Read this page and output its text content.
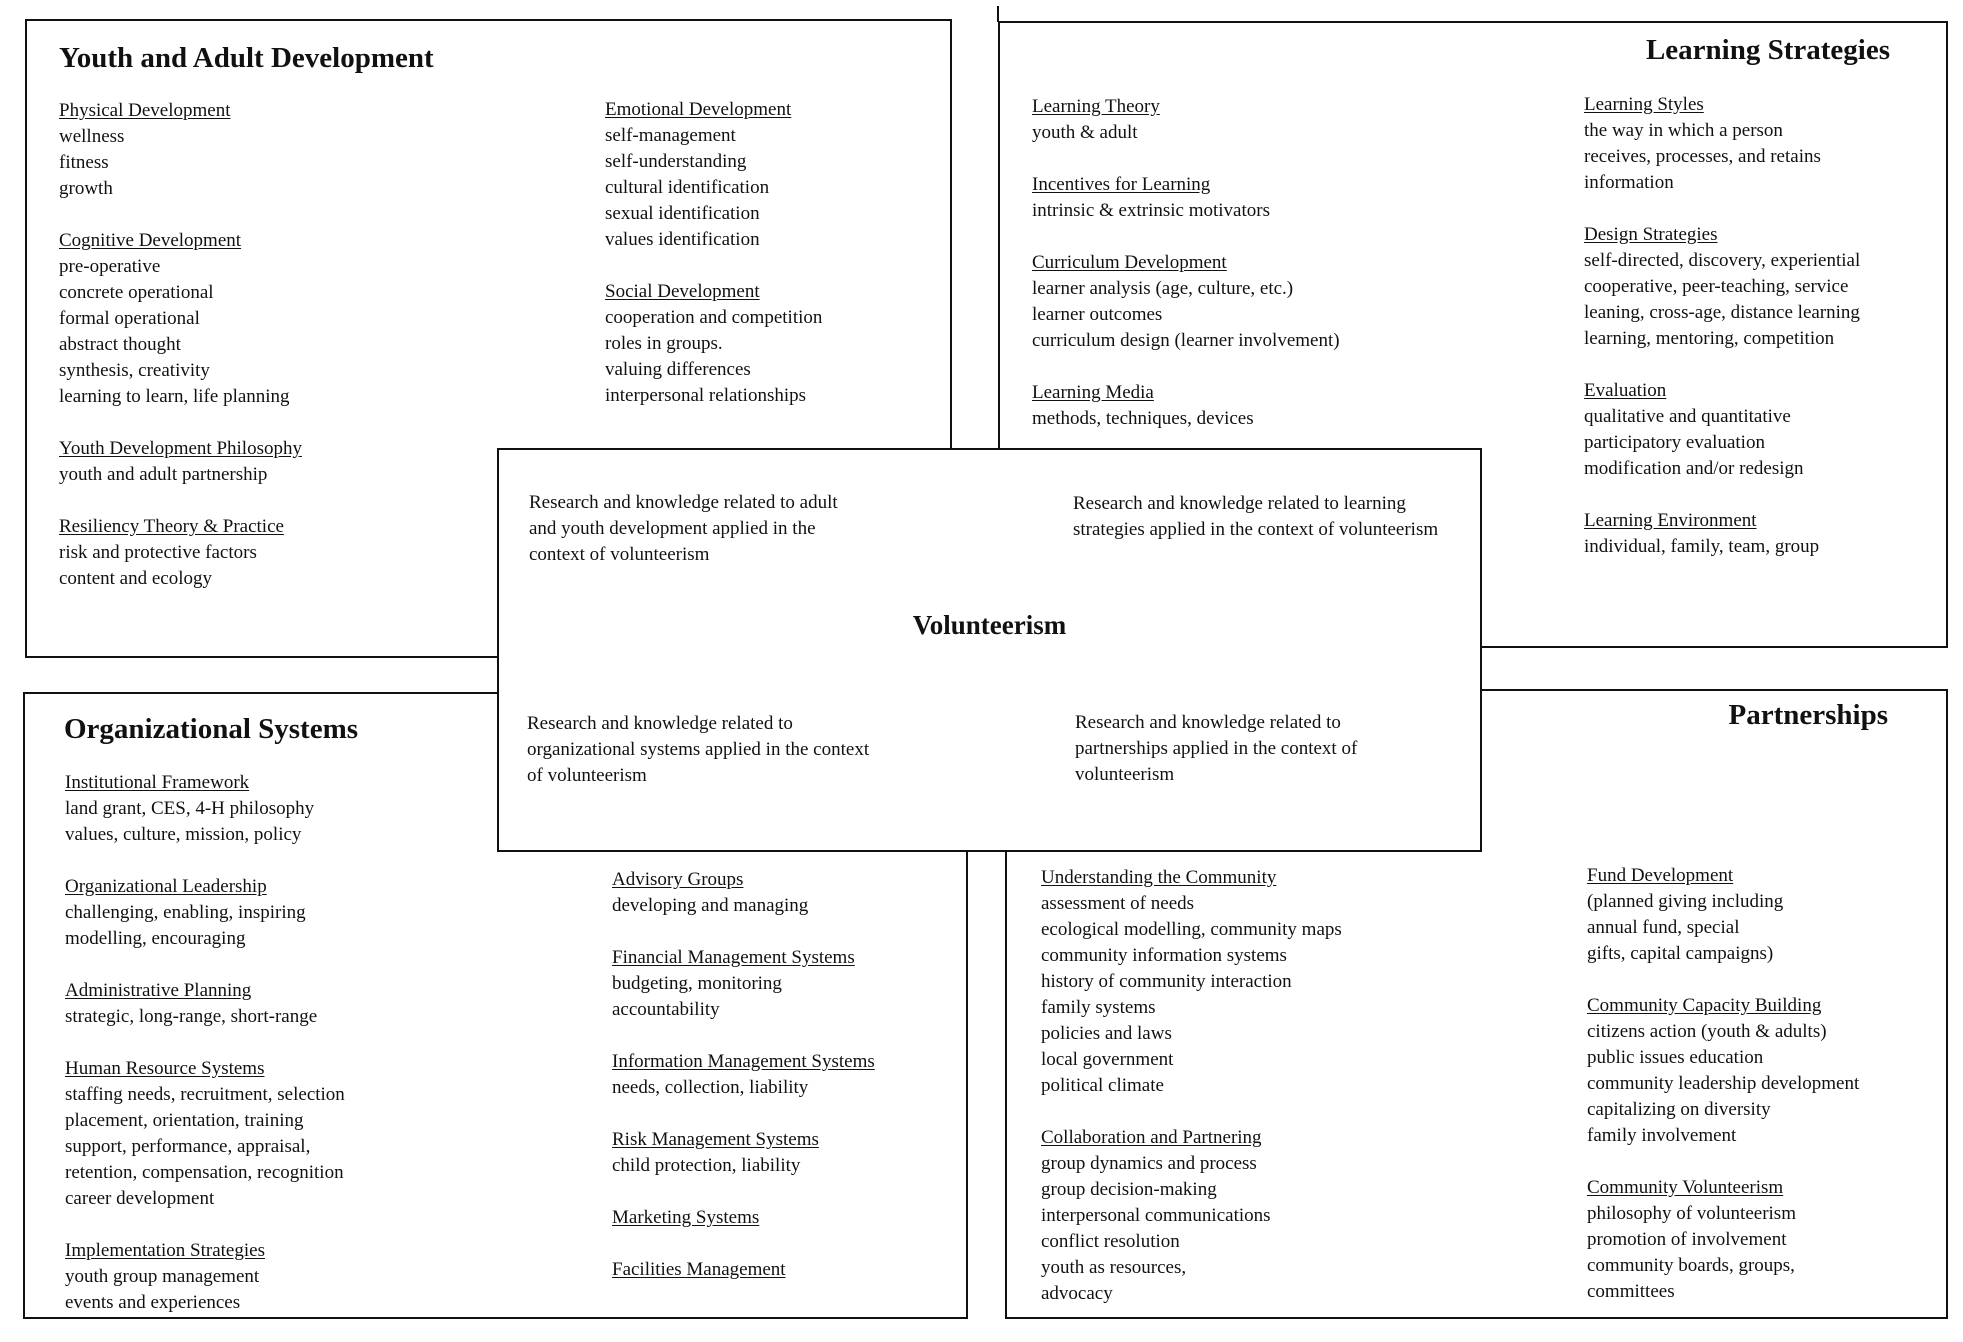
Youth and Adult Development
Physical Development
wellness
fitness
growth
Cognitive Development
pre-operative
concrete operational
formal operational
abstract thought
synthesis, creativity
learning to learn, life planning
Youth Development Philosophy
youth and adult partnership
Resiliency Theory & Practice
risk and protective factors
content and ecology
Emotional Development
self-management
self-understanding
cultural identification
sexual identification
values identification
Social Development
cooperation and competition
roles in groups.
valuing differences
interpersonal relationships
Learning Strategies
Learning Theory
youth & adult
Incentives for Learning
intrinsic & extrinsic motivators
Curriculum Development
learner analysis (age, culture, etc.)
learner outcomes
curriculum design (learner involvement)
Learning Media
methods, techniques, devices
Learning Styles
the way in which a person
receives, processes, and retains
information
Design Strategies
self-directed, discovery, experiential
cooperative, peer-teaching, service
leaning, cross-age, distance learning
learning, mentoring, competition
Evaluation
qualitative and quantitative
participatory evaluation
modification and/or redesign
Learning Environment
individual, family, team, group
Organizational Systems
Institutional Framework
land grant, CES, 4-H philosophy
values, culture, mission, policy
Organizational Leadership
challenging, enabling, inspiring
modelling, encouraging
Administrative Planning
strategic, long-range, short-range
Human Resource Systems
staffing needs, recruitment, selection
placement, orientation, training
support, performance, appraisal,
retention, compensation, recognition
career development
Implementation Strategies
youth group management
events and experiences
Advisory Groups
developing and managing
Financial Management Systems
budgeting, monitoring
accountability
Information Management Systems
needs, collection, liability
Risk Management Systems
child protection, liability
Marketing Systems
Facilities Management
Partnerships
Understanding the Community
assessment of needs
ecological modelling, community maps
community information systems
history of community interaction
family systems
policies and laws
local government
political climate
Collaboration and Partnering
group dynamics and process
group decision-making
interpersonal communications
conflict resolution
youth as resources,
advocacy
Fund Development
(planned giving including
annual fund, special
gifts, capital campaigns)
Community Capacity Building
citizens action (youth & adults)
public issues education
community leadership development
capitalizing on diversity
family involvement
Community Volunteerism
philosophy of volunteerism
promotion of involvement
community boards, groups,
committees
Research and knowledge related to adult and youth development applied in the context of volunteerism
Research and knowledge related to learning strategies applied in the context of volunteerism
Volunteerism
Research and knowledge related to organizational systems applied in the context of volunteerism
Research and knowledge related to partnerships applied in the context of volunteerism
